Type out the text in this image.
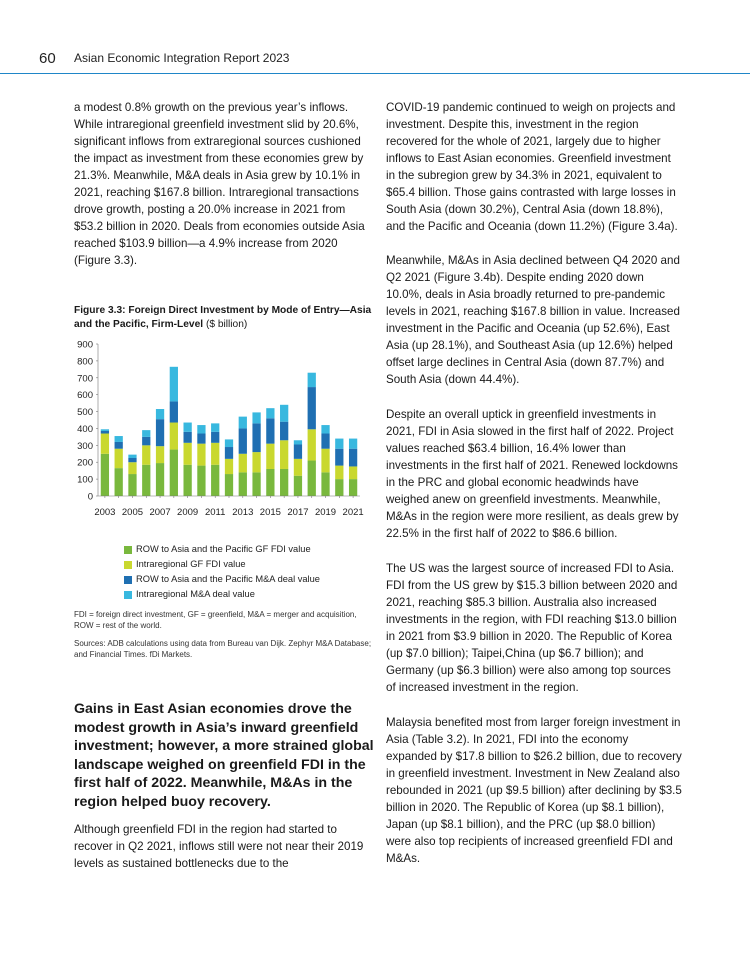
60 Asian Economic Integration Report 2023

a modest 0.8% growth on the previous year’s inflows. While intraregional greenfield investment slid by 20.6%, significant inflows from extraregional sources cushioned the impact as investment from these economies grew by 21.3%. Meanwhile, M&A deals in Asia grew by 10.1% in 2021, reaching $167.8 billion. Intraregional transactions drove growth, posting a 20.0% increase in 2021 from $53.2 billion in 2020. Deals from economies outside Asia reached $103.9 billion—a 4.9% increase from 2020 (Figure 3.3).

Figure 3.3: Foreign Direct Investment by Mode of Entry—Asia and the Pacific, Firm-Level ($ billion)
0
100
200
300
400
500
600
700
800
900
2003 2005 2007 2009 2011 2013 2015 2017 2019 2021
ROW to Asia and the Pacific GF FDI value
Intraregional GF FDI value
ROW to Asia and the Pacific M&A deal value
Intraregional M&A deal value
FDI = foreign direct investment, GF = greenfield, M&A = merger and acquisition, ROW = rest of the world.
Sources: ADB calculations using data from Bureau van Dijk. Zephyr M&A Database; and Financial Times. fDi Markets.
Gains in East Asian economies drove the modest growth in Asia’s inward greenfield investment; however, a more strained global landscape weighed on greenfield FDI in the first half of 2022. Meanwhile, M&As in the region helped buoy recovery.

Although greenfield FDI in the region had started to recover in Q2 2021, inflows still were not near their 2019 levels as sustained bottlenecks due to the

COVID-19 pandemic continued to weigh on projects and investment. Despite this, investment in the region recovered for the whole of 2021, largely due to higher inflows to East Asian economies. Greenfield investment in the subregion grew by 34.3% in 2021, equivalent to $65.4 billion. Those gains contrasted with large losses in South Asia (down 30.2%), Central Asia (down 18.8%), and the Pacific and Oceania (down 11.2%) (Figure 3.4a).

Meanwhile, M&As in Asia declined between Q4 2020 and Q2 2021 (Figure 3.4b). Despite ending 2020 down 10.0%, deals in Asia broadly returned to pre-pandemic levels in 2021, reaching $167.8 billion in value. Increased investment in the Pacific and Oceania (up 52.6%), East Asia (up 28.1%), and Southeast Asia (up 12.6%) helped offset large declines in Central Asia (down 87.7%) and South Asia (down 44.4%).

Despite an overall uptick in greenfield investments in 2021, FDI in Asia slowed in the first half of 2022. Project values reached $63.4 billion, 16.4% lower than investments in the first half of 2021. Renewed lockdowns in the PRC and global economic headwinds have weighed anew on greenfield investments. Meanwhile, M&As in the region were more resilient, as deals grew by 22.5% in the first half of 2022 to $86.6 billion.

The US was the largest source of increased FDI to Asia. FDI from the US grew by $15.3 billion between 2020 and 2021, reaching $85.3 billion. Australia also increased investments in the region, with FDI reaching $13.0 billion in 2021 from $3.9 billion in 2020. The Republic of Korea (up $7.0 billion); Taipei,China (up $6.7 billion); and Germany (up $6.3 billion) were also among top sources of increased investment in the region.

Malaysia benefited most from larger foreign investment in Asia (Table 3.2). In 2021, FDI into the economy expanded by $17.8 billion to $26.2 billion, due to recovery in greenfield investment. Investment in New Zealand also rebounded in 2021 (up $9.5 billion) after declining by $3.5 billion in 2020. The Republic of Korea (up $8.1 billion), Japan (up $8.1 billion), and the PRC (up $8.0 billion) were also top recipients of increased greenfield FDI and M&As.
